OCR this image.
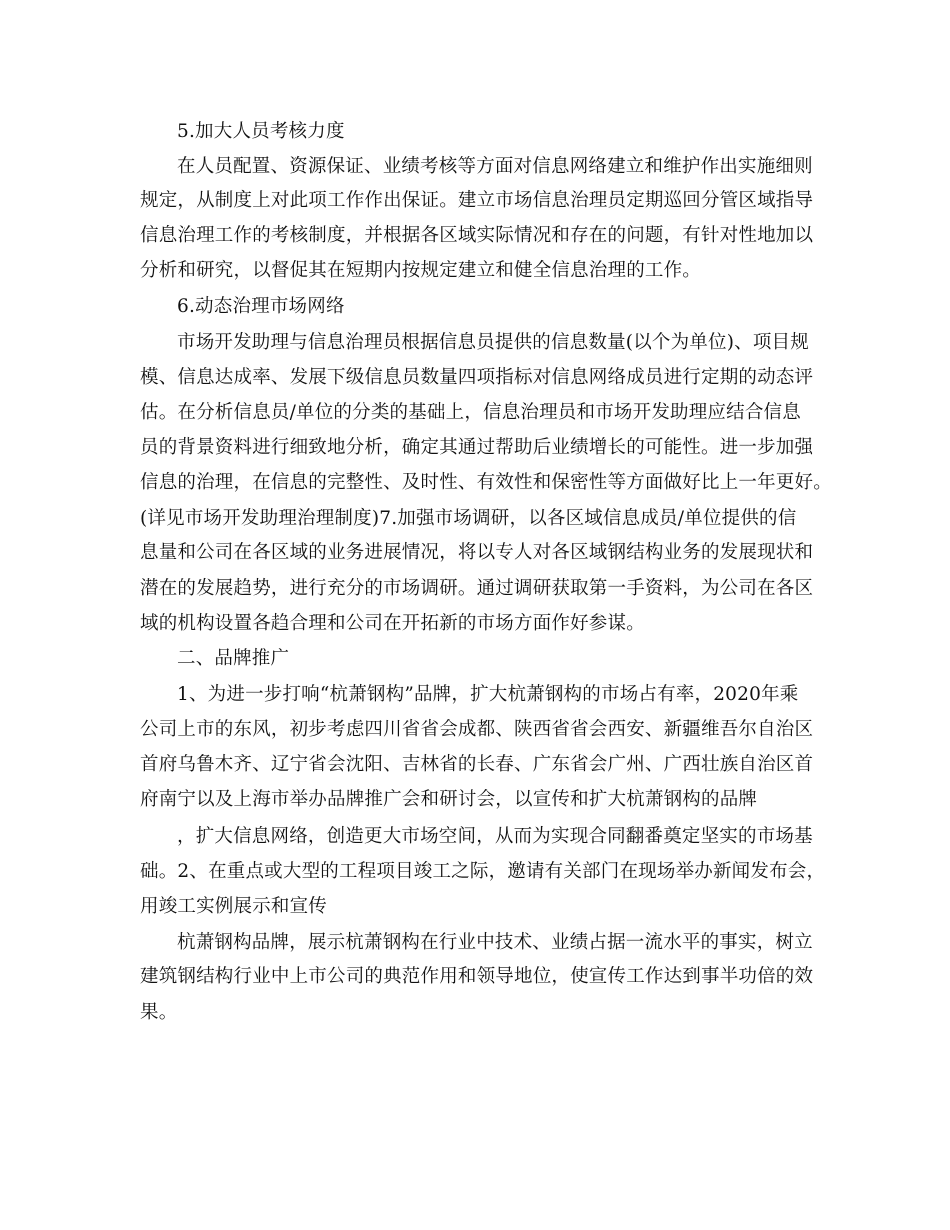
5.加大人员考核力度
在人员配置、资源保证、业绩考核等方面对信息网络建立和维护作出实施细则
规定，从制度上对此项工作作出保证。建立市场信息治理员定期巡回分管区域指导
信息治理工作的考核制度，并根据各区域实际情况和存在的问题，有针对性地加以
分析和研究，以督促其在短期内按规定建立和健全信息治理的工作。
6.动态治理市场网络
市场开发助理与信息治理员根据信息员提供的信息数量(以个为单位)、项目规
模、信息达成率、发展下级信息员数量四项指标对信息网络成员进行定期的动态评
估。在分析信息员/单位的分类的基础上，信息治理员和市场开发助理应结合信息
员的背景资料进行细致地分析，确定其通过帮助后业绩增长的可能性。进一步加强
信息的治理，在信息的完整性、及时性、有效性和保密性等方面做好比上一年更好。
(详见市场开发助理治理制度)7.加强市场调研，以各区域信息成员/单位提供的信
息量和公司在各区域的业务进展情况，将以专人对各区域钢结构业务的发展现状和
潜在的发展趋势，进行充分的市场调研。通过调研获取第一手资料，为公司在各区
域的机构设置各趋合理和公司在开拓新的市场方面作好参谋。
二、品牌推广
1、为进一步打响“杭萧钢构”品牌，扩大杭萧钢构的市场占有率，2020年乘
公司上市的东风，初步考虑四川省省会成都、陕西省省会西安、新疆维吾尔自治区
首府乌鲁木齐、辽宁省会沈阳、吉林省的长春、广东省会广州、广西壮族自治区首
府南宁以及上海市举办品牌推广会和研讨会，以宣传和扩大杭萧钢构的品牌
，扩大信息网络，创造更大市场空间，从而为实现合同翻番奠定坚实的市场基
础。2、在重点或大型的工程项目竣工之际，邀请有关部门在现场举办新闻发布会，
用竣工实例展示和宣传
杭萧钢构品牌，展示杭萧钢构在行业中技术、业绩占据一流水平的事实，树立
建筑钢结构行业中上市公司的典范作用和领导地位，使宣传工作达到事半功倍的效
果。
